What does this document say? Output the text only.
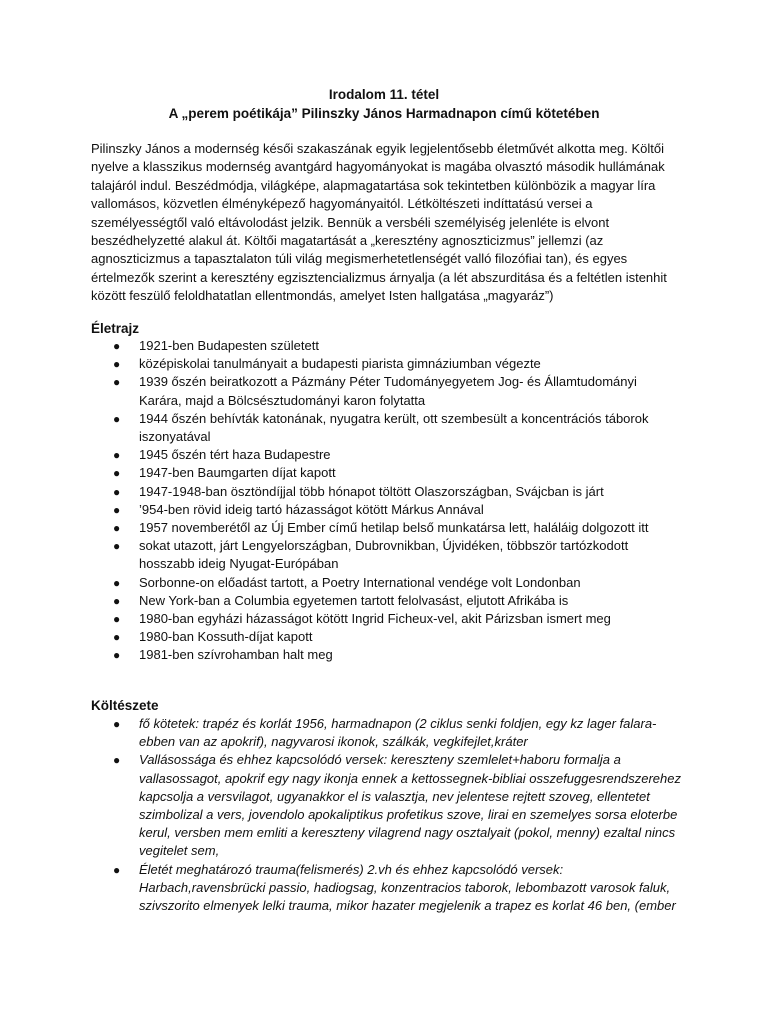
Irodalom 11. tétel
A „perem poétikája” Pilinszky János Harmadnapon című kötetében

Pilinszky János a modernség késői szakaszának egyik legjelentősebb életművét alkotta meg. Költői nyelve a klasszikus modernség avantgárd hagyományokat is magába olvasztó második hullámának talajáról indul. Beszédmódja, világképe, alapmagatartása sok tekintetben különbözik a magyar líra vallomásos, közvetlen élményképező hagyományaitól. Létköltészeti indíttatású versei a személyességtől való eltávolodást jelzik. Bennük a versbéli személyiség jelenléte is elvont beszédhelyzetté alakul át. Költői magatartását a „keresztény agnoszticizmus” jellemzi (az agnoszticizmus a tapasztalaton túli világ megismerhetetlenségét valló filozófiai tan), és egyes értelmezők szerint a keresztény egzisztencializmus árnyalja (a lét abszurditása és a feltétlen istenhit között feszülő feloldhatatlan ellentmondás, amelyet Isten hallgatása „magyaráz”)

Életrajz
● 1921-ben Budapesten született
● középiskolai tanulmányait a budapesti piarista gimnáziumban végezte
● 1939 őszén beiratkozott a Pázmány Péter Tudományegyetem Jog- és Államtudományi Karára, majd a Bölcsésztudományi karon folytatta
● 1944 őszén behívták katonának, nyugatra került, ott szembesült a koncentrációs táborok iszonyatával
● 1945 őszén tért haza Budapestre
● 1947-ben Baumgarten díjat kapott
● 1947-1948-ban ösztöndíjjal több hónapot töltött Olaszországban, Svájcban is járt
● ’954-ben rövid ideig tartó házasságot kötött Márkus Annával
● 1957 novemberétől az Új Ember című hetilap belső munkatársa lett, haláláig dolgozott itt
● sokat utazott, járt Lengyelországban, Dubrovnikban, Újvidéken, többször tartózkodott hosszabb ideig Nyugat-Európában
● Sorbonne-on előadást tartott, a Poetry International vendége volt Londonban
● New York-ban a Columbia egyetemen tartott felolvasást, eljutott Afrikába is
● 1980-ban egyházi házasságot kötött Ingrid Ficheux-vel, akit Párizsban ismert meg
● 1980-ban Kossuth-díjat kapott
● 1981-ben szívrohamban halt meg
Költészete
● fő kötetek: trapéz és korlát 1956, harmadnapon (2 ciklus senki foldjen, egy kz lager falara- ebben van az apokrif), nagyvarosi ikonok, szálkák, vegkifejlet,kráter
● Vallásossága és ehhez kapcsolódó versek: kereszteny szemlelet+haboru formalja a vallasossagot, apokrif egy nagy ikonja ennek a kettossegnek-bibliai osszefuggesrendszerehez kapcsolja a versvilagot, ugyanakkor el is valasztja, nev jelentese rejtett szoveg, ellentetet szimbolizal a vers, jovendolo apokaliptikus profetikus szove, lirai en szemelyes sorsa eloterbe kerul, versben mem emliti a kereszteny vilagrend nagy osztalyait (pokol, menny) ezaltal nincs vegitelet sem,
● Életét meghatározó trauma(felismerés) 2.vh és ehhez kapcsolódó versek: Harbach,ravensbrücki passio, hadiogsag, konzentracios taborok, lebombazott varosok faluk, szivszorito elmenyek lelki trauma, mikor hazater megjelenik a trapez es korlat 46 ben, (ember
